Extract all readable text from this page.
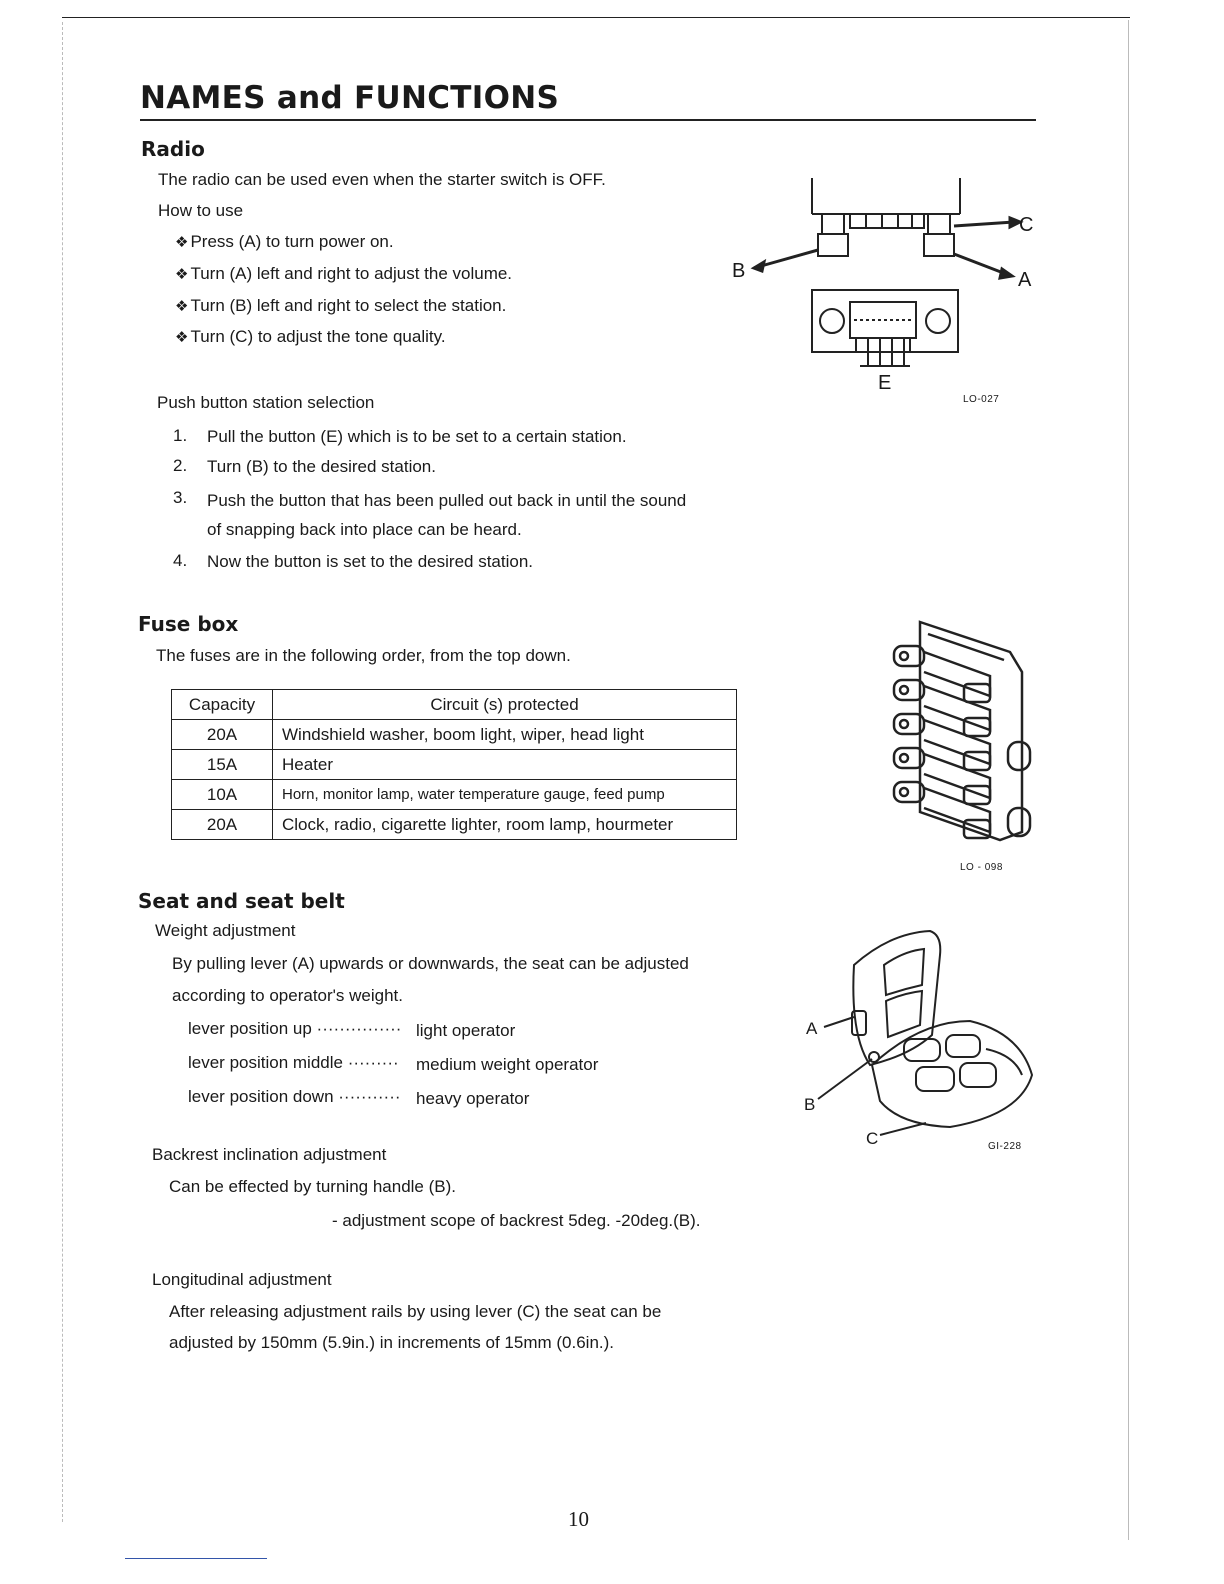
NAMES and FUNCTIONS
Radio
The radio can be used even when the starter switch is OFF.
How to use
❖ Press (A) to turn power on.
❖ Turn (A) left and right to adjust the volume.
❖ Turn (B) left and right to select the station.
❖ Turn (C) to adjust the tone quality.
Push button station selection
1. Pull the button (E) which is to be set to a certain station.
2. Turn (B) to the desired station.
3. Push the button that has been pulled out back in until the sound
of snapping back into place can be heard.
4. Now the button is set to the desired station.
B
C
A
E
LO-027
Fuse box
The fuses are in the following order, from the top down.
Capacity	Circuit (s) protected
20A	Windshield washer, boom light, wiper, head light
15A	Heater
10A	Horn, monitor lamp, water temperature gauge, feed pump
20A	Clock, radio, cigarette lighter, room lamp, hourmeter
LO - 098
Seat and seat belt
Weight adjustment
By pulling lever (A) upwards or downwards, the seat can be adjusted
according to operator's weight.
lever position up ··············· light operator
lever position middle ········· medium weight operator
lever position down ··········· heavy operator
Backrest inclination adjustment
Can be effected by turning handle (B).
- adjustment scope of backrest 5deg. -20deg.(B).
Longitudinal adjustment
After releasing adjustment rails by using lever (C) the seat can be
adjusted by 150mm (5.9in.) in increments of 15mm (0.6in.).
A
B
C	GI-228
10
